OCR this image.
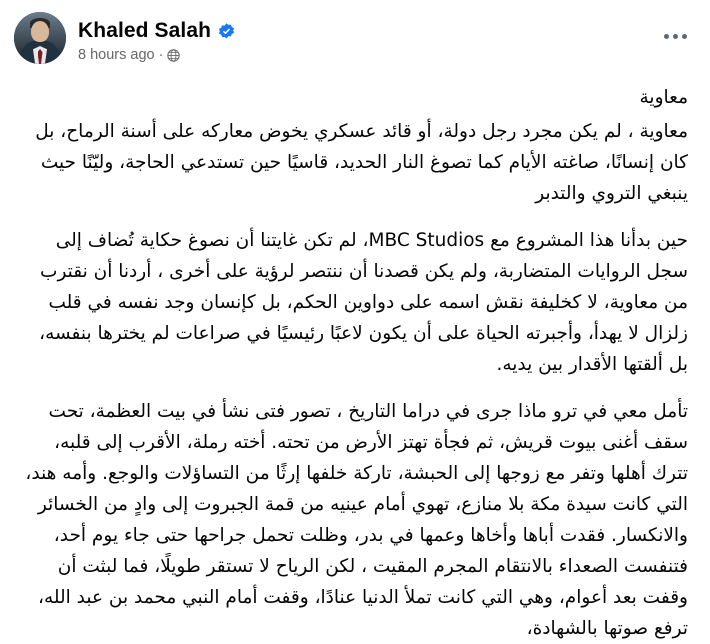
Khaled Salah
8 hours ago ·

معاوية

معاوية ، لم يكن مجرد رجل دولة، أو قائد عسكري يخوض معاركه على أسنة الرماح، بل كان إنسانًا، صاغته الأيام كما تصوغ النار الحديد، قاسيًا حين تستدعي الحاجة، وليّنًا حيث ينبغي التروي والتدبر

حين بدأنا هذا المشروع مع MBC Studios، لم تكن غايتنا أن نصوغ حكاية تُضاف إلى سجل الروايات المتضاربة، ولم يكن قصدنا أن ننتصر لرؤية على أخرى ، أردنا أن نقترب من معاوية، لا كخليفة نقش اسمه على دواوين الحكم، بل كإنسان وجد نفسه في قلب زلزال لا يهدأ، وأجبرته الحياة على أن يكون لاعبًا رئيسيًا في صراعات لم يخترها بنفسه، بل ألقتها الأقدار بين يديه.

تأمل معي في ترو ماذا جرى في دراما التاريخ ، تصور فتى نشأ في بيت العظمة، تحت سقف أغنى بيوت قريش، ثم فجأة تهتز الأرض من تحته. أخته رملة، الأقرب إلى قلبه، تترك أهلها وتفر مع زوجها إلى الحبشة، تاركة خلفها إرثًا من التساؤلات والوجع. وأمه هند، التي كانت سيدة مكة بلا منازع، تهوي أمام عينيه من قمة الجبروت إلى وادٍ من الخسائر والانكسار. فقدت أباها وأخاها وعمها في بدر، وظلت تحمل جراحها حتى جاء يوم أحد، فتنفست الصعداء بالانتقام المجرم المقيت ، لكن الرياح لا تستقر طويلًا، فما لبثت أن وقفت بعد أعوام، وهي التي كانت تملأ الدنيا عنادًا، وقفت أمام النبي محمد بن عبد الله، ترفع صوتها بالشهادة،
